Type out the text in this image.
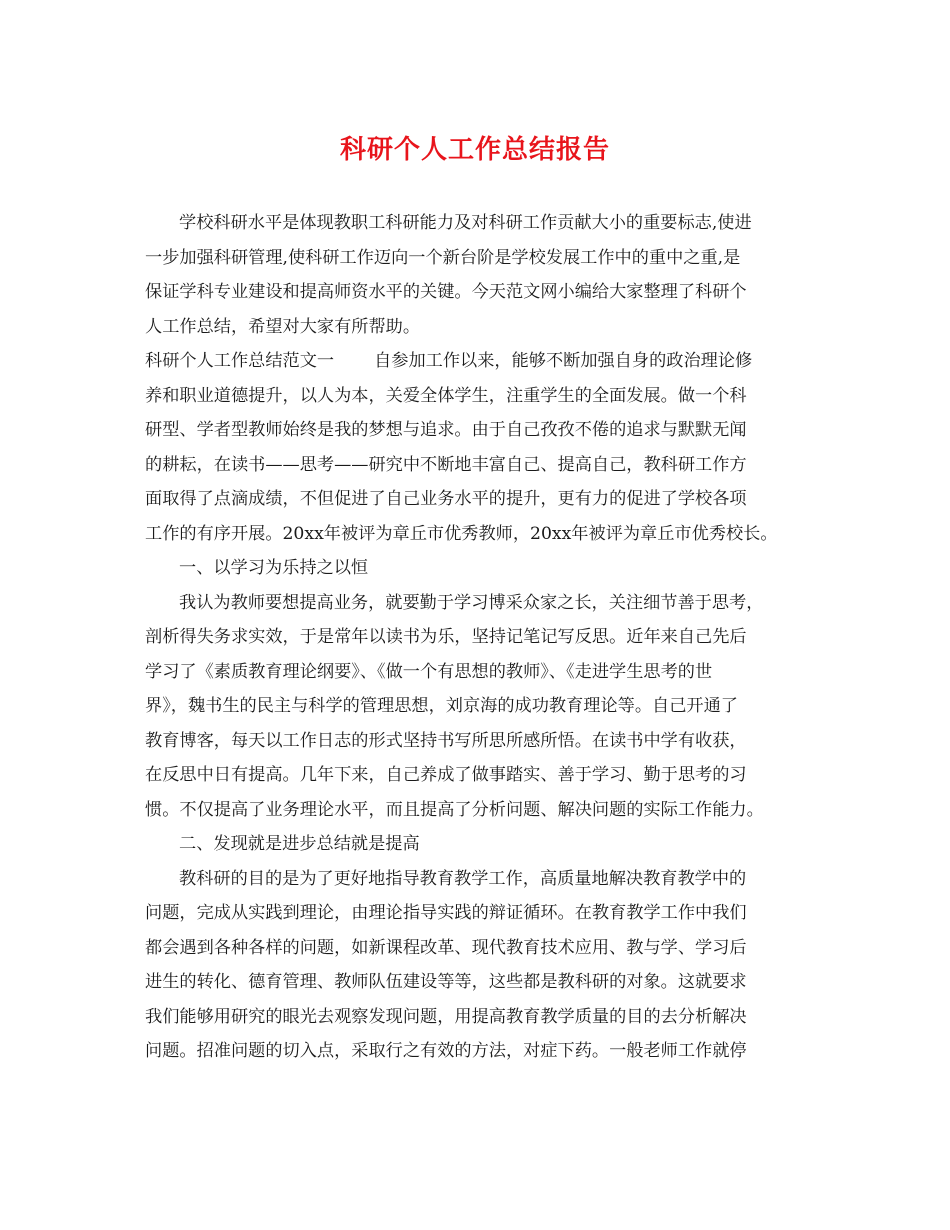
科研个人工作总结报告
学校科研水平是体现教职工科研能力及对科研工作贡献大小的重要标志,使进
一步加强科研管理,使科研工作迈向一个新台阶是学校发展工作中的重中之重,是
保证学科专业建设和提高师资水平的关键。今天范文网小编给大家整理了科研个
人工作总结，希望对大家有所帮助。
科研个人工作总结范文一 自参加工作以来，能够不断加强自身的政治理论修
养和职业道德提升，以人为本，关爱全体学生，注重学生的全面发展。做一个科
研型、学者型教师始终是我的梦想与追求。由于自己孜孜不倦的追求与默默无闻
的耕耘，在读书——思考——研究中不断地丰富自己、提高自己，教科研工作方
面取得了点滴成绩，不但促进了自己业务水平的提升，更有力的促进了学校各项
工作的有序开展。20xx年被评为章丘市优秀教师，20xx年被评为章丘市优秀校长。
一、以学习为乐持之以恒
我认为教师要想提高业务，就要勤于学习博采众家之长，关注细节善于思考，
剖析得失务求实效，于是常年以读书为乐，坚持记笔记写反思。近年来自己先后
学习了《素质教育理论纲要》、《做一个有思想的教师》、《走进学生思考的世
界》，魏书生的民主与科学的管理思想，刘京海的成功教育理论等。自己开通了
教育博客，每天以工作日志的形式坚持书写所思所感所悟。在读书中学有收获，
在反思中日有提高。几年下来，自己养成了做事踏实、善于学习、勤于思考的习
惯。不仅提高了业务理论水平，而且提高了分析问题、解决问题的实际工作能力。
二、发现就是进步总结就是提高
教科研的目的是为了更好地指导教育教学工作，高质量地解决教育教学中的
问题，完成从实践到理论，由理论指导实践的辩证循环。在教育教学工作中我们
都会遇到各种各样的问题，如新课程改革、现代教育技术应用、教与学、学习后
进生的转化、德育管理、教师队伍建设等等，这些都是教科研的对象。这就要求
我们能够用研究的眼光去观察发现问题，用提高教育教学质量的目的去分析解决
问题。招准问题的切入点，采取行之有效的方法，对症下药。一般老师工作就停
